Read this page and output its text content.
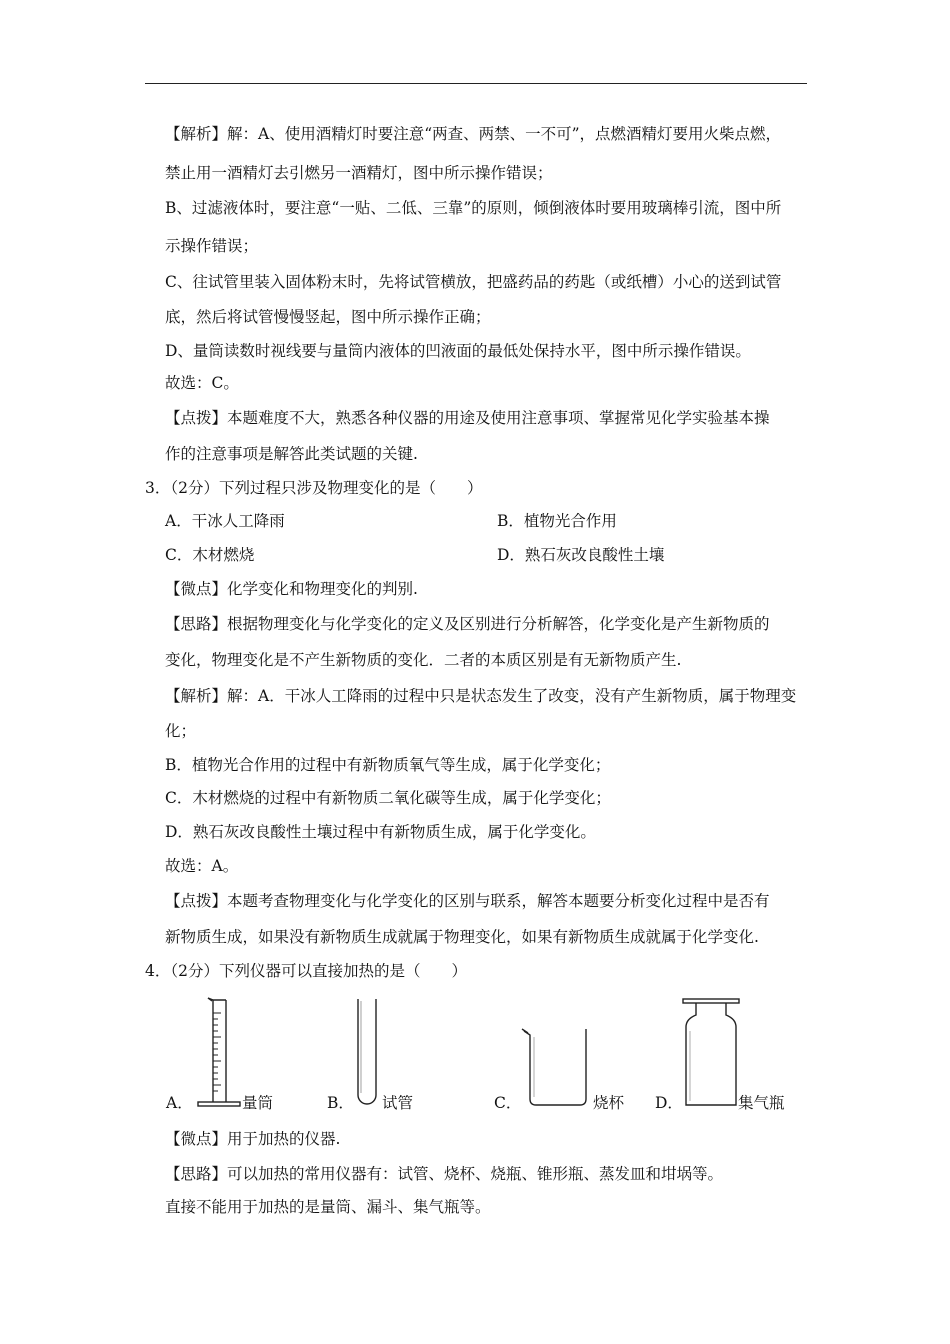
【解析】解：A、使用酒精灯时要注意“两查、两禁、一不可”，点燃酒精灯要用火柴点燃，
禁止用一酒精灯去引燃另一酒精灯，图中所示操作错误；
B、过滤液体时，要注意“一贴、二低、三靠”的原则，倾倒液体时要用玻璃棒引流，图中所
示操作错误；
C、往试管里装入固体粉末时，先将试管横放，把盛药品的药匙（或纸槽）小心的送到试管
底，然后将试管慢慢竖起，图中所示操作正确；
D、量筒读数时视线要与量筒内液体的凹液面的最低处保持水平，图中所示操作错误。
故选：C。
【点拨】本题难度不大，熟悉各种仪器的用途及使用注意事项、掌握常见化学实验基本操
作的注意事项是解答此类试题的关键.
3．（2分）下列过程只涉及物理变化的是（　　）
A．干冰人工降雨	B．植物光合作用
C．木材燃烧	D．熟石灰改良酸性土壤
【微点】化学变化和物理变化的判别.
【思路】根据物理变化与化学变化的定义及区别进行分析解答，化学变化是产生新物质的
变化，物理变化是不产生新物质的变化．二者的本质区别是有无新物质产生.
【解析】解：A．干冰人工降雨的过程中只是状态发生了改变，没有产生新物质，属于物理变
化；
B．植物光合作用的过程中有新物质氧气等生成，属于化学变化；
C．木材燃烧的过程中有新物质二氧化碳等生成，属于化学变化；
D．熟石灰改良酸性土壤过程中有新物质生成，属于化学变化。
故选：A。
【点拨】本题考查物理变化与化学变化的区别与联系，解答本题要分析变化过程中是否有
新物质生成，如果没有新物质生成就属于物理变化，如果有新物质生成就属于化学变化.
4．（2分）下列仪器可以直接加热的是（　　）
A．	量筒	B． 试管	C．	烧杯 D．	集气瓶
【微点】用于加热的仪器.
【思路】可以加热的常用仪器有：试管、烧杯、烧瓶、锥形瓶、蒸发皿和坩埚等。
直接不能用于加热的是量筒、漏斗、集气瓶等。
